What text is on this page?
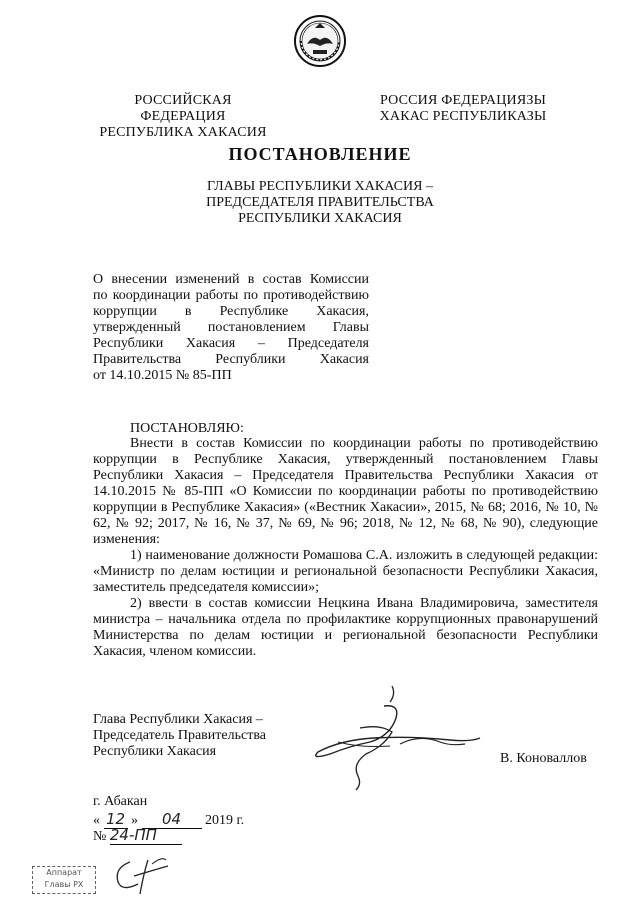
РОССИЙСКАЯ ФЕДЕРАЦИЯ
РЕСПУБЛИКА ХАКАСИЯ
РОССИЯ ФЕДЕРАЦИЯЗЫ
ХАКАС РЕСПУБЛИКАЗЫ
ПОСТАНОВЛЕНИЕ
ГЛАВЫ РЕСПУБЛИКИ ХАКАСИЯ –
ПРЕДСЕДАТЕЛЯ ПРАВИТЕЛЬСТВА
РЕСПУБЛИКИ ХАКАСИЯ
О внесении изменений в состав Комиссии
по координации работы по противодействию
коррупции в Республике Хакасия,
утвержденный постановлением Главы
Республики Хакасия – Председателя
Правительства Республики Хакасия
от 14.10.2015 № 85-ПП
ПОСТАНОВЛЯЮ:

Внести в состав Комиссии по координации работы по противодействию коррупции в Республике Хакасия, утвержденный постановлением Главы Республики Хакасия – Председателя Правительства Республики Хакасия от 14.10.2015 № 85-ПП «О Комиссии по координации работы по противодействию коррупции в Республике Хакасия» («Вестник Хакасии», 2015, № 68; 2016, № 10, № 62, № 92; 2017, № 16, № 37, № 69, № 96; 2018, № 12, № 68, № 90), следующие изменения:

1) наименование должности Ромашова С.А. изложить в следующей редакции: «Министр по делам юстиции и региональной безопасности Республики Хакасия, заместитель председателя комиссии»;

2) ввести в состав комиссии Нецкина Ивана Владимировича, заместителя министра – начальника отдела по профилактике коррупционных правонарушений Министерства по делам юстиции и региональной безопасности Республики Хакасия, членом комиссии.

Глава Республики Хакасия –
Председатель Правительства
Республики Хакасия	В. Коноваллов
г. Абакан
« 12 » 04 2019 г.
№ 24-ПП
Аппарат
Главы РХ
